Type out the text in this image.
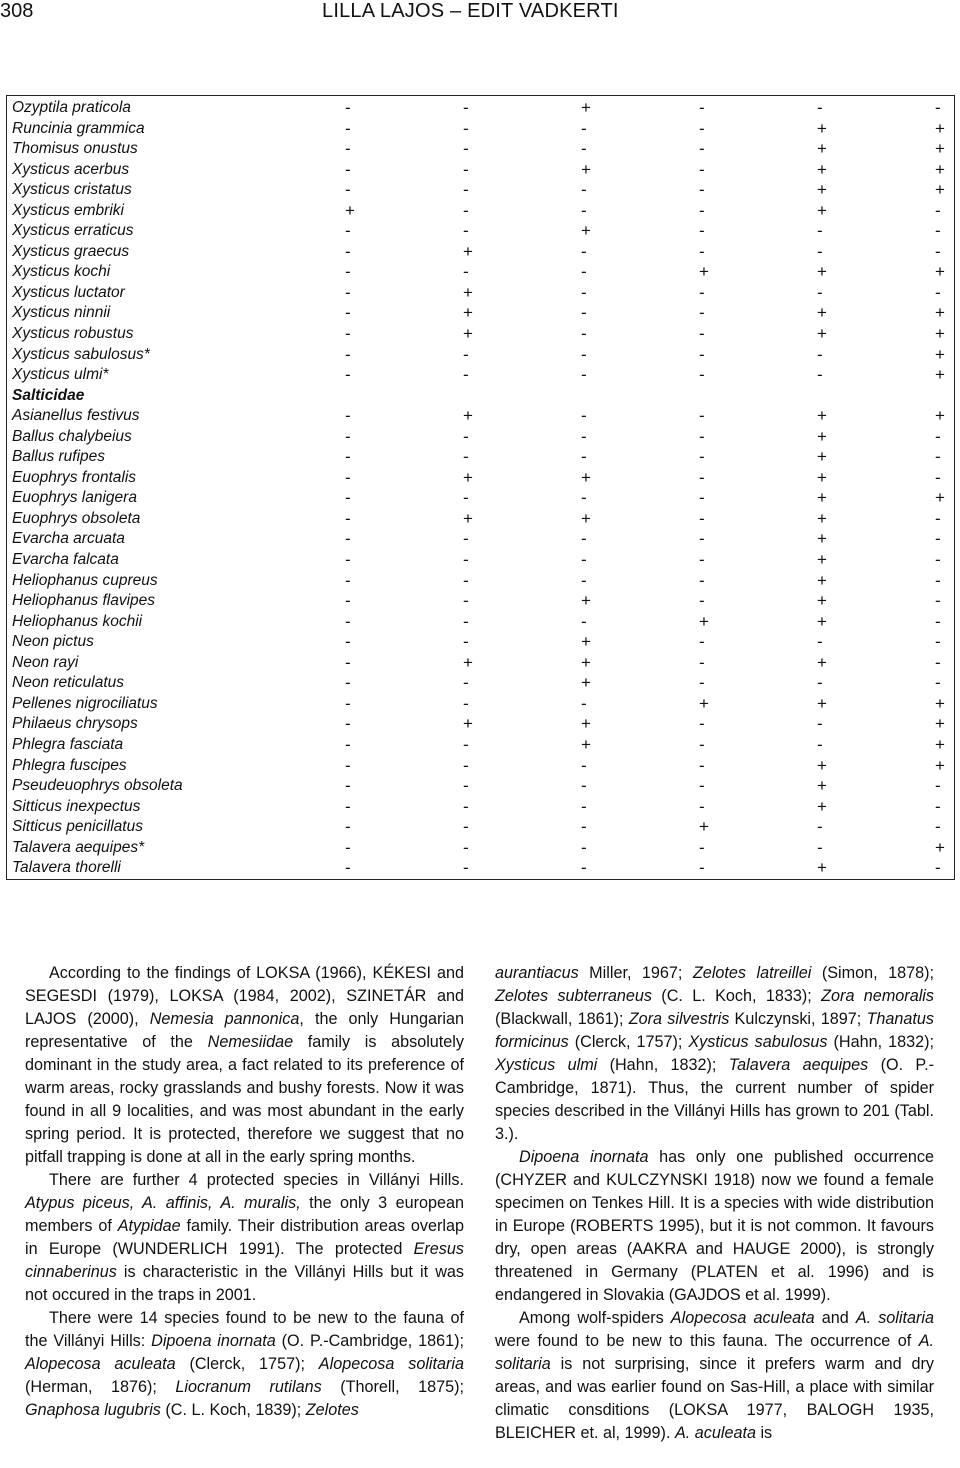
308	LILLA LAJOS – EDIT VADKERTI
Ozyptila praticola	-	-	+	-	-	-
Runcinia grammica	-	-	-	-	+	+
Thomisus onustus	-	-	-	-	+	+
Xysticus acerbus	-	-	+	-	+	+
Xysticus cristatus	-	-	-	-	+	+
Xysticus embriki	+	-	-	-	+	-
Xysticus erraticus	-	-	+	-	-	-
Xysticus graecus	-	+	-	-	-	-
Xysticus kochi	-	-	-	+	+	+
Xysticus luctator	-	+	-	-	-	-
Xysticus ninnii	-	+	-	-	+	+
Xysticus robustus	-	+	-	-	+	+
Xysticus sabulosus*	-	-	-	-	-	+
Xysticus ulmi*	-	-	-	-	-	+
Salticidae						
Asianellus festivus	-	+	-	-	+	+
Ballus chalybeius	-	-	-	-	+	-
Ballus rufipes	-	-	-	-	+	-
Euophrys frontalis	-	+	+	-	+	-
Euophrys lanigera	-	-	-	-	+	+
Euophrys obsoleta	-	+	+	-	+	-
Evarcha arcuata	-	-	-	-	+	-
Evarcha falcata	-	-	-	-	+	-
Heliophanus cupreus	-	-	-	-	+	-
Heliophanus flavipes	-	-	+	-	+	-
Heliophanus kochii	-	-	-	+	+	-
Neon pictus	-	-	+	-	-	-
Neon rayi	-	+	+	-	+	-
Neon reticulatus	-	-	+	-	-	-
Pellenes nigrociliatus	-	-	-	+	+	+
Philaeus chrysops	-	+	+	-	-	+
Phlegra fasciata	-	-	+	-	-	+
Phlegra fuscipes	-	-	-	-	+	+
Pseudeuophrys obsoleta	-	-	-	-	+	-
Sitticus inexpectus	-	-	-	-	+	-
Sitticus penicillatus	-	-	-	+	-	-
Talavera aequipes*	-	-	-	-	-	+
Talavera thorelli	-	-	-	-	+	-

According to the findings of LOKSA (1966), KÉKESI and SEGESDI (1979), LOKSA (1984, 2002), SZINETÁR and LAJOS (2000), Nemesia pannonica, the only Hungarian representative of the Nemesiidae family is absolutely dominant in the study area, a fact related to its preference of warm areas, rocky grasslands and bushy forests. Now it was found in all 9 localities, and was most abundant in the early spring period. It is protected, therefore we suggest that no pitfall trapping is done at all in the early spring months.

There are further 4 protected species in Villányi Hills. Atypus piceus, A. affinis, A. muralis, the only 3 european members of Atypidae family. Their distribution areas overlap in Europe (WUNDERLICH 1991). The protected Eresus cinnaberinus is characteristic in the Villányi Hills but it was not occured in the traps in 2001.

There were 14 species found to be new to the fauna of the Villányi Hills: Dipoena inornata (O. P.-Cambridge, 1861); Alopecosa aculeata (Clerck, 1757); Alopecosa solitaria (Herman, 1876); Liocranum rutilans (Thorell, 1875); Gnaphosa lugubris (C. L. Koch, 1839); Zelotes

aurantiacus Miller, 1967; Zelotes latreillei (Simon, 1878); Zelotes subterraneus (C. L. Koch, 1833); Zora nemoralis (Blackwall, 1861); Zora silvestris Kulczynski, 1897; Thanatus formicinus (Clerck, 1757); Xysticus sabulosus (Hahn, 1832); Xysticus ulmi (Hahn, 1832); Talavera aequipes (O. P.-Cambridge, 1871). Thus, the current number of spider species described in the Villányi Hills has grown to 201 (Tabl. 3.).

Dipoena inornata has only one published occurrence (CHYZER and KULCZYNSKI 1918) now we found a female specimen on Tenkes Hill. It is a species with wide distribution in Europe (ROBERTS 1995), but it is not common. It favours dry, open areas (AAKRA and HAUGE 2000), is strongly threatened in Germany (PLATEN et al. 1996) and is endangered in Slovakia (GAJDOS et al. 1999).

Among wolf-spiders Alopecosa aculeata and A. solitaria were found to be new to this fauna. The occurrence of A. solitaria is not surprising, since it prefers warm and dry areas, and was earlier found on Sas-Hill, a place with similar climatic consditions (LOKSA 1977, BALOGH 1935, BLEICHER et. al, 1999). A. aculeata is
